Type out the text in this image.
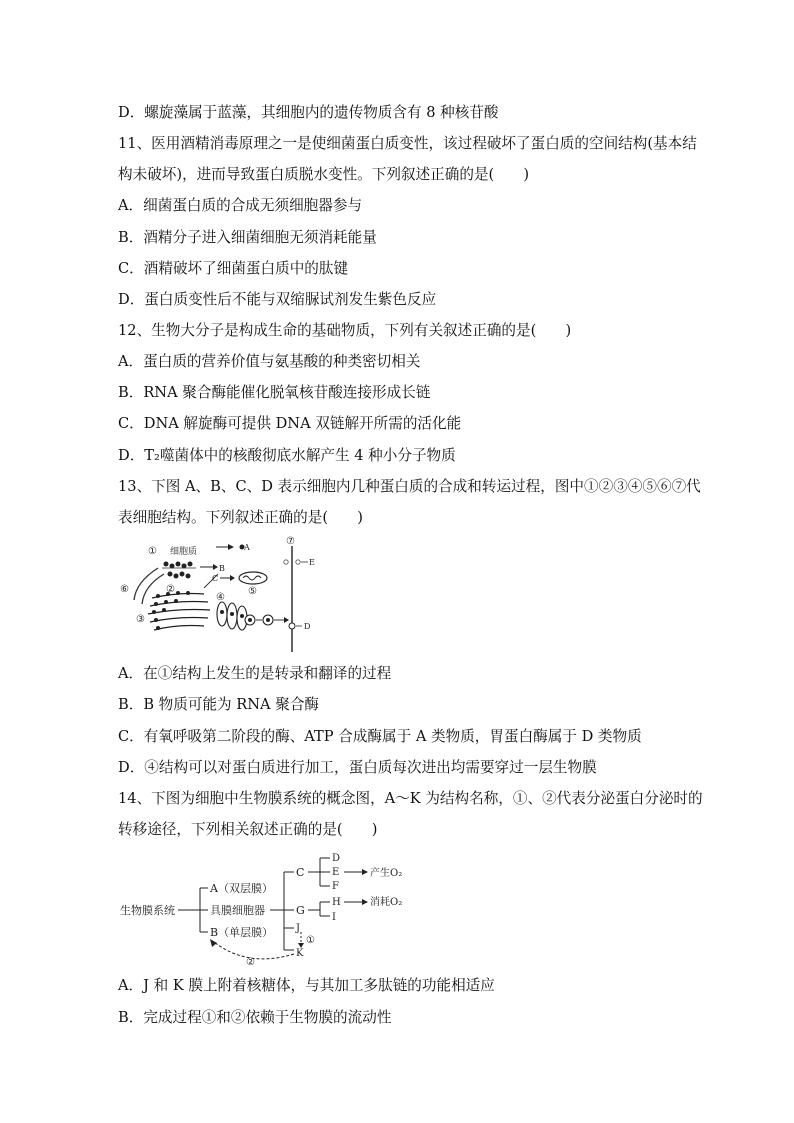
D．螺旋藻属于蓝藻，其细胞内的遗传物质含有 8 种核苷酸
11、医用酒精消毒原理之一是使细菌蛋白质变性，该过程破坏了蛋白质的空间结构(基本结
构未破坏)，进而导致蛋白质脱水变性。下列叙述正确的是(　　)
A．细菌蛋白质的合成无须细胞器参与
B．酒精分子进入细菌细胞无须消耗能量
C．酒精破坏了细菌蛋白质中的肽键
D．蛋白质变性后不能与双缩脲试剂发生紫色反应
12、生物大分子是构成生命的基础物质，下列有关叙述正确的是(　　)
A．蛋白质的营养价值与氨基酸的种类密切相关
B．RNA 聚合酶能催化脱氧核苷酸连接形成长链
C．DNA 解旋酶可提供 DNA 双链解开所需的活化能
D．T₂噬菌体中的核酸彻底水解产生 4 种小分子物质
13、下图 A、B、C、D 表示细胞内几种蛋白质的合成和转运过程，图中①②③④⑤⑥⑦代
表细胞结构。下列叙述正确的是(　　)
① 细胞质	A
B
C
②
③
④
⑤
⑥
⑦
E
D
A．在①结构上发生的是转录和翻译的过程
B．B 物质可能为 RNA 聚合酶
C．有氧呼吸第二阶段的酶、ATP 合成酶属于 A 类物质，胃蛋白酶属于 D 类物质
D．④结构可以对蛋白质进行加工，蛋白质每次进出均需要穿过一层生物膜
14、下图为细胞中生物膜系统的概念图，A～K 为结构名称，①、②代表分泌蛋白分泌时的
转移途径，下列相关叙述正确的是(　　)
生物膜系统
A（双层膜）
具膜细胞器
B（单层膜）
C
D
E
F
产生O₂
G
H
I
消耗O₂
J
K
①
②
A．J 和 K 膜上附着核糖体，与其加工多肽链的功能相适应
B．完成过程①和②依赖于生物膜的流动性
